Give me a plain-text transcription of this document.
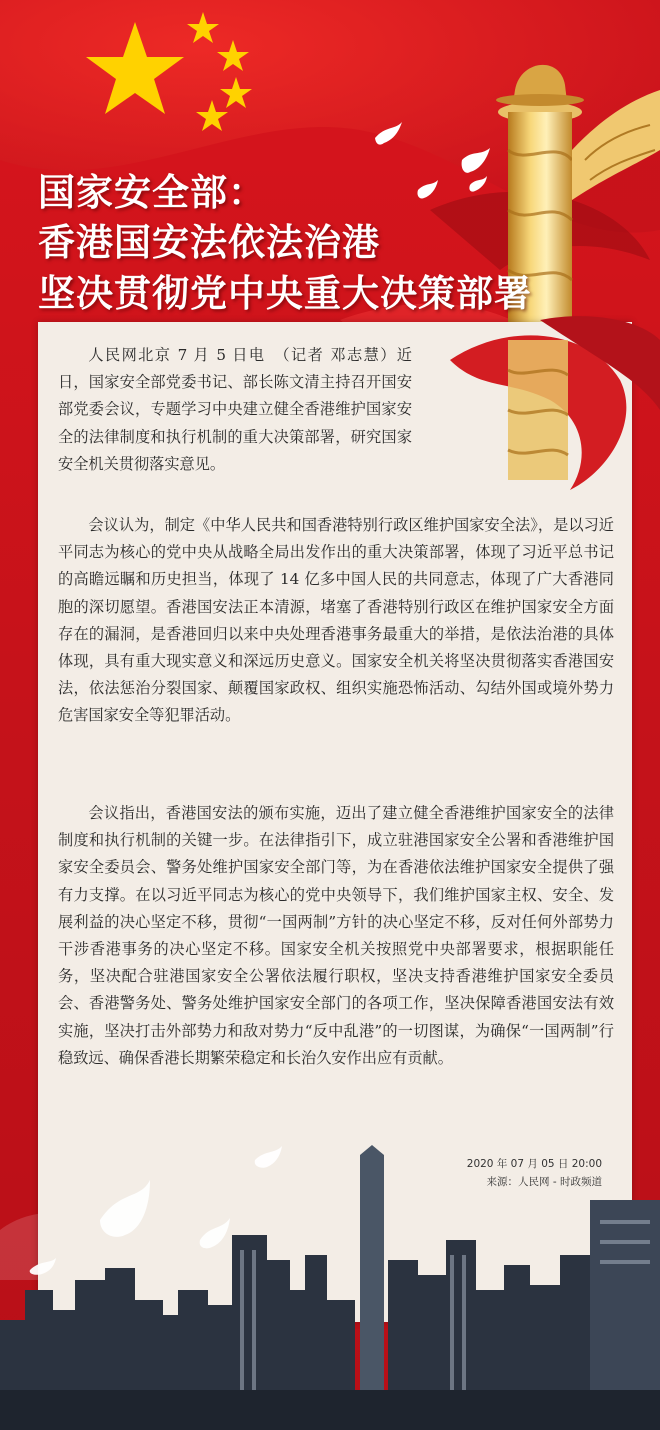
国家安全部：
香港国安法依法治港
坚决贯彻党中央重大决策部署

人民网北京 7 月 5 日电　（记者 邓志慧）近日，国家安全部党委书记、部长陈文清主持召开国安部党委会议，专题学习中央建立健全香港维护国家安全的法律制度和执行机制的重大决策部署，研究国家安全机关贯彻落实意见。

会议认为，制定《中华人民共和国香港特别行政区维护国家安全法》，是以习近平同志为核心的党中央从战略全局出发作出的重大决策部署，体现了习近平总书记的高瞻远瞩和历史担当，体现了 14 亿多中国人民的共同意志，体现了广大香港同胞的深切愿望。香港国安法正本清源，堵塞了香港特别行政区在维护国家安全方面存在的漏洞，是香港回归以来中央处理香港事务最重大的举措，是依法治港的具体体现，具有重大现实意义和深远历史意义。国家安全机关将坚决贯彻落实香港国安法，依法惩治分裂国家、颠覆国家政权、组织实施恐怖活动、勾结外国或境外势力危害国家安全等犯罪活动。

会议指出，香港国安法的颁布实施，迈出了建立健全香港维护国家安全的法律制度和执行机制的关键一步。在法律指引下，成立驻港国家安全公署和香港维护国家安全委员会、警务处维护国家安全部门等，为在香港依法维护国家安全提供了强有力支撑。在以习近平同志为核心的党中央领导下，我们维护国家主权、安全、发展利益的决心坚定不移，贯彻“一国两制”方针的决心坚定不移，反对任何外部势力干涉香港事务的决心坚定不移。国家安全机关按照党中央部署要求，根据职能任务，坚决配合驻港国家安全公署依法履行职权，坚决支持香港维护国家安全委员会、香港警务处、警务处维护国家安全部门的各项工作，坚决保障香港国安法有效实施，坚决打击外部势力和敌对势力“反中乱港”的一切图谋，为确保“一国两制”行稳致远、确保香港长期繁荣稳定和长治久安作出应有贡献。

2020 年 07 月 05 日 20:00
来源：人民网 - 时政频道
